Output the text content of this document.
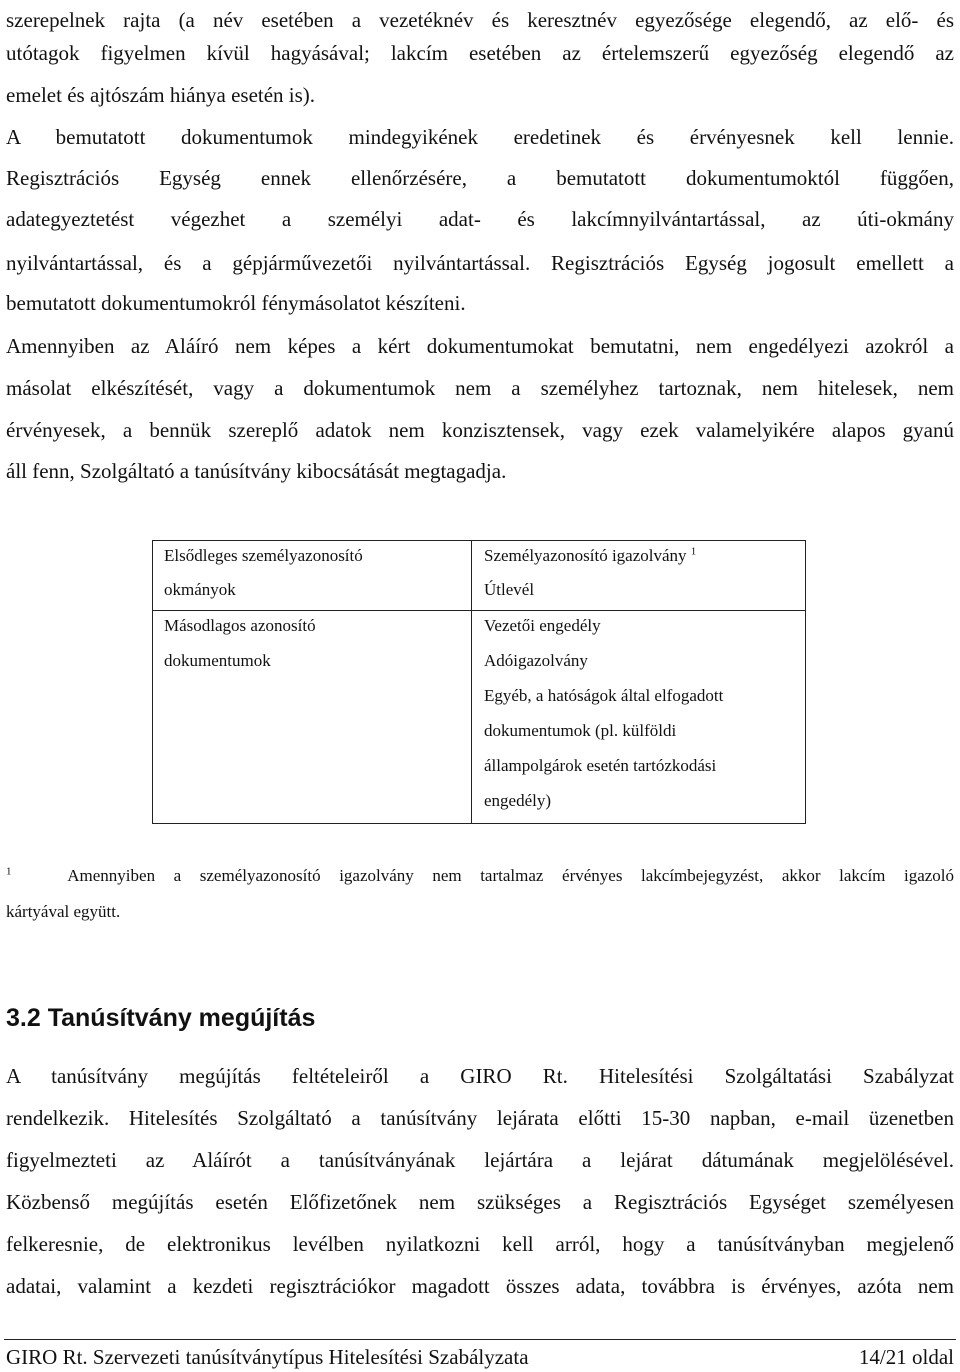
szerepelnek rajta (a név esetében a vezetéknév és keresztnév egyezősége elegendő, az elő- és
utótagok figyelmen kívül hagyásával; lakcím esetében az értelemszerű egyezőség elegendő az
emelet és ajtószám hiánya esetén is).
A bemutatott dokumentumok mindegyikének eredetinek és érvényesnek kell lennie.
Regisztrációs Egység ennek ellenőrzésére, a bemutatott dokumentumoktól függően,
adategyeztetést végezhet a személyi adat- és lakcímnyilvántartással, az úti-okmány
nyilvántartással, és a gépjárművezetői nyilvántartással. Regisztrációs Egység jogosult emellett a
bemutatott dokumentumokról fénymásolatot készíteni.
Amennyiben az Aláíró nem képes a kért dokumentumokat bemutatni, nem engedélyezi azokról a
másolat elkészítését, vagy a dokumentumok nem a személyhez tartoznak, nem hitelesek, nem
érvényesek, a bennük szereplő adatok nem konzisztensek, vagy ezek valamelyikére alapos gyanú
áll fenn, Szolgáltató a tanúsítvány kibocsátását megtagadja.
Elsődleges személyazonosító
okmányok
Személyazonosító igazolvány $^1$
Útlevél
Másodlagos azonosító
dokumentumok
Vezetői engedély
Adóigazolvány
Egyéb, a hatóságok által elfogadott
dokumentumok (pl. külföldi
állampolgárok esetén tartózkodási
engedély)
$^1$	Amennyiben a személyazonosító igazolvány nem tartalmaz érvényes lakcímbejegyzést, akkor lakcím igazoló
kártyával együtt.
3.2 Tanúsítvány megújítás
A tanúsítvány megújítás feltételeiről a GIRO Rt. Hitelesítési Szolgáltatási Szabályzat
rendelkezik. Hitelesítés Szolgáltató a tanúsítvány lejárata előtti 15-30 napban, e-mail üzenetben
figyelmezteti az Aláírót a tanúsítványának lejártára a lejárat dátumának megjelölésével.
Közbenső megújítás esetén Előfizetőnek nem szükséges a Regisztrációs Egységet személyesen
felkeresnie, de elektronikus levélben nyilatkozni kell arról, hogy a tanúsítványban megjelenő
adatai, valamint a kezdeti regisztrációkor magadott összes adata, továbbra is érvényes, azóta nem
GIRO Rt. Szervezeti tanúsítványtípus Hitelesítési Szabályzata	14/21 oldal
